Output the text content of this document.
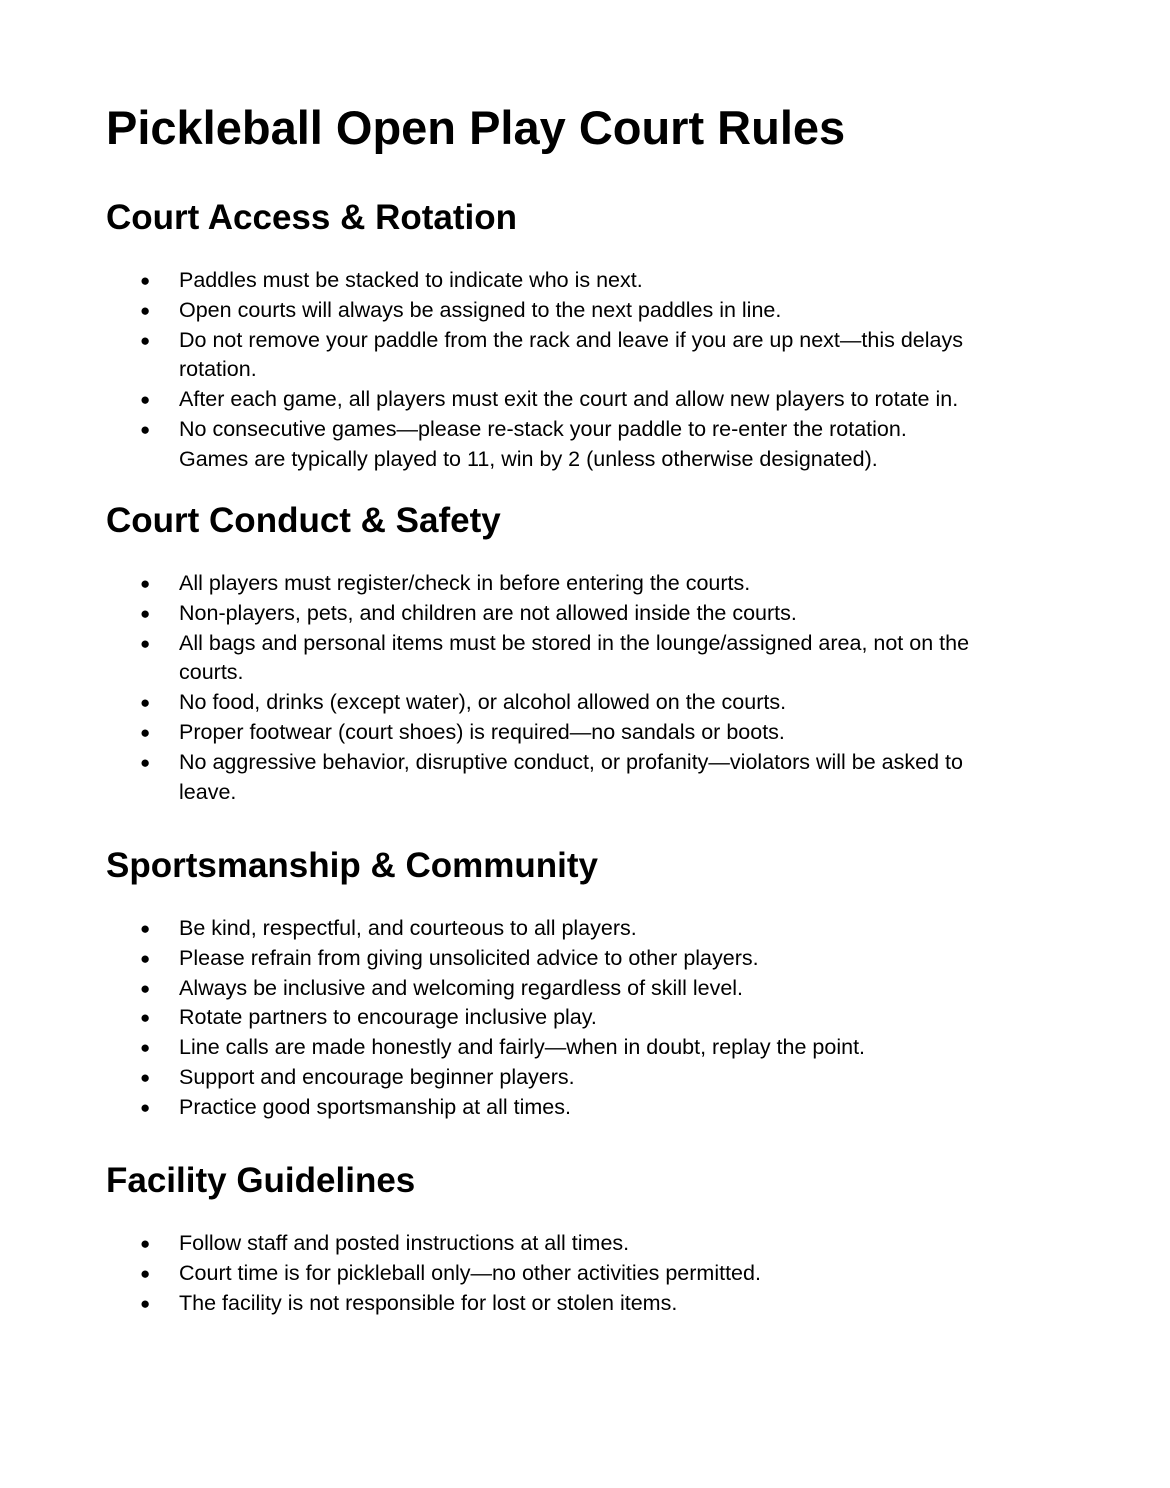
Pickleball Open Play Court Rules
Court Access & Rotation
● Paddles must be stacked to indicate who is next.
● Open courts will always be assigned to the next paddles in line.
● Do not remove your paddle from the rack and leave if you are up next—this delays rotation.
● After each game, all players must exit the court and allow new players to rotate in.
● No consecutive games—please re-stack your paddle to re-enter the rotation.
Games are typically played to 11, win by 2 (unless otherwise designated).
Court Conduct & Safety
● All players must register/check in before entering the courts.
● Non-players, pets, and children are not allowed inside the courts.
● All bags and personal items must be stored in the lounge/assigned area, not on the courts.
● No food, drinks (except water), or alcohol allowed on the courts.
● Proper footwear (court shoes) is required—no sandals or boots.
● No aggressive behavior, disruptive conduct, or profanity—violators will be asked to leave.
Sportsmanship & Community
● Be kind, respectful, and courteous to all players.
● Please refrain from giving unsolicited advice to other players.
● Always be inclusive and welcoming regardless of skill level.
● Rotate partners to encourage inclusive play.
● Line calls are made honestly and fairly—when in doubt, replay the point.
● Support and encourage beginner players.
● Practice good sportsmanship at all times.
Facility Guidelines
● Follow staff and posted instructions at all times.
● Court time is for pickleball only—no other activities permitted.
● The facility is not responsible for lost or stolen items.
